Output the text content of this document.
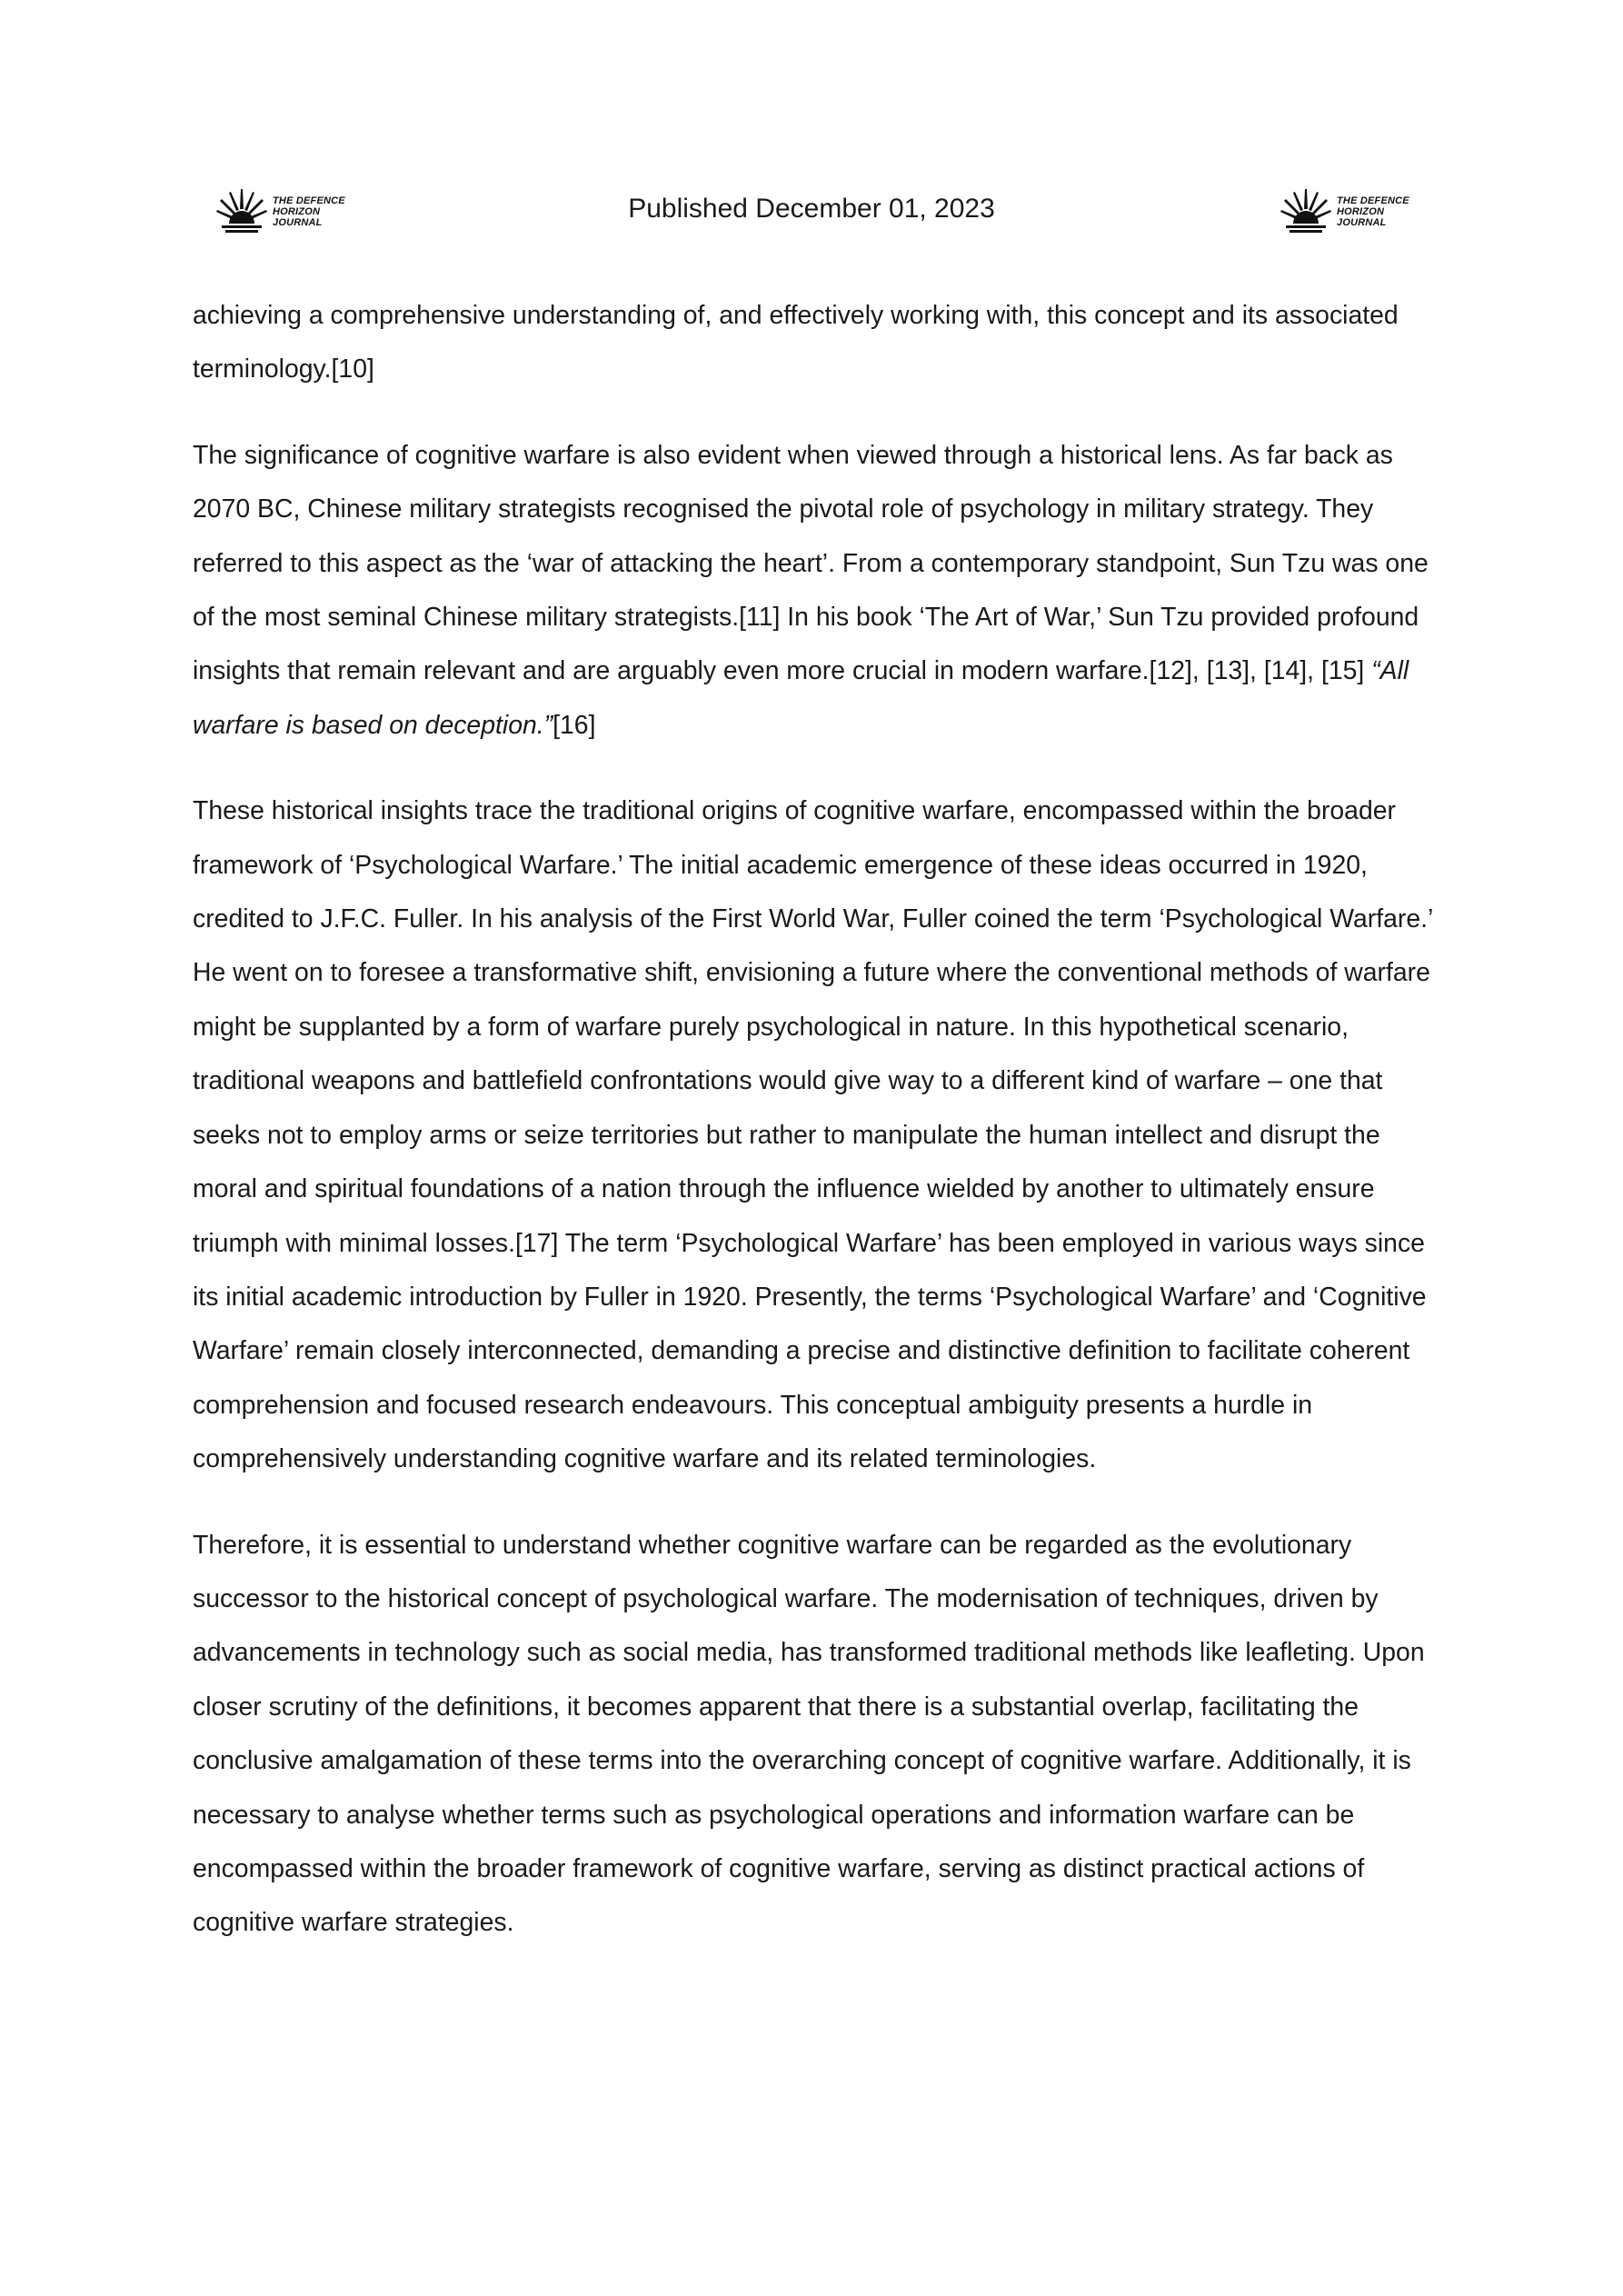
THE DEFENCE
HORIZON
JOURNAL	Published December 01, 2023	THE DEFENCE
HORIZON
JOURNAL

achieving a comprehensive understanding of, and effectively working with, this concept and its associated terminology.[10]

The significance of cognitive warfare is also evident when viewed through a historical lens. As far back as 2070 BC, Chinese military strategists recognised the pivotal role of psychology in military strategy. They referred to this aspect as the ‘war of attacking the heart’. From a contemporary standpoint, Sun Tzu was one of the most seminal Chinese military strategists.[11] In his book ‘The Art of War,’ Sun Tzu provided profound insights that remain relevant and are arguably even more crucial in modern warfare.[12], [13], [14], [15] “All warfare is based on deception.”[16]

These historical insights trace the traditional origins of cognitive warfare, encompassed within the broader framework of ‘Psychological Warfare.’ The initial academic emergence of these ideas occurred in 1920, credited to J.F.C. Fuller. In his analysis of the First World War, Fuller coined the term ‘Psychological Warfare.’ He went on to foresee a transformative shift, envisioning a future where the conventional methods of warfare might be supplanted by a form of warfare purely psychological in nature. In this hypothetical scenario, traditional weapons and battlefield confrontations would give way to a different kind of warfare – one that seeks not to employ arms or seize territories but rather to manipulate the human intellect and disrupt the moral and spiritual foundations of a nation through the influence wielded by another to ultimately ensure triumph with minimal losses.[17] The term ‘Psychological Warfare’ has been employed in various ways since its initial academic introduction by Fuller in 1920. Presently, the terms ‘Psychological Warfare’ and ‘Cognitive Warfare’ remain closely interconnected, demanding a precise and distinctive definition to facilitate coherent comprehension and focused research endeavours. This conceptual ambiguity presents a hurdle in comprehensively understanding cognitive warfare and its related terminologies.

Therefore, it is essential to understand whether cognitive warfare can be regarded as the evolutionary successor to the historical concept of psychological warfare. The modernisation of techniques, driven by advancements in technology such as social media, has transformed traditional methods like leafleting. Upon closer scrutiny of the definitions, it becomes apparent that there is a substantial overlap, facilitating the conclusive amalgamation of these terms into the overarching concept of cognitive warfare. Additionally, it is necessary to analyse whether terms such as psychological operations and information warfare can be encompassed within the broader framework of cognitive warfare, serving as distinct practical actions of cognitive warfare strategies.
